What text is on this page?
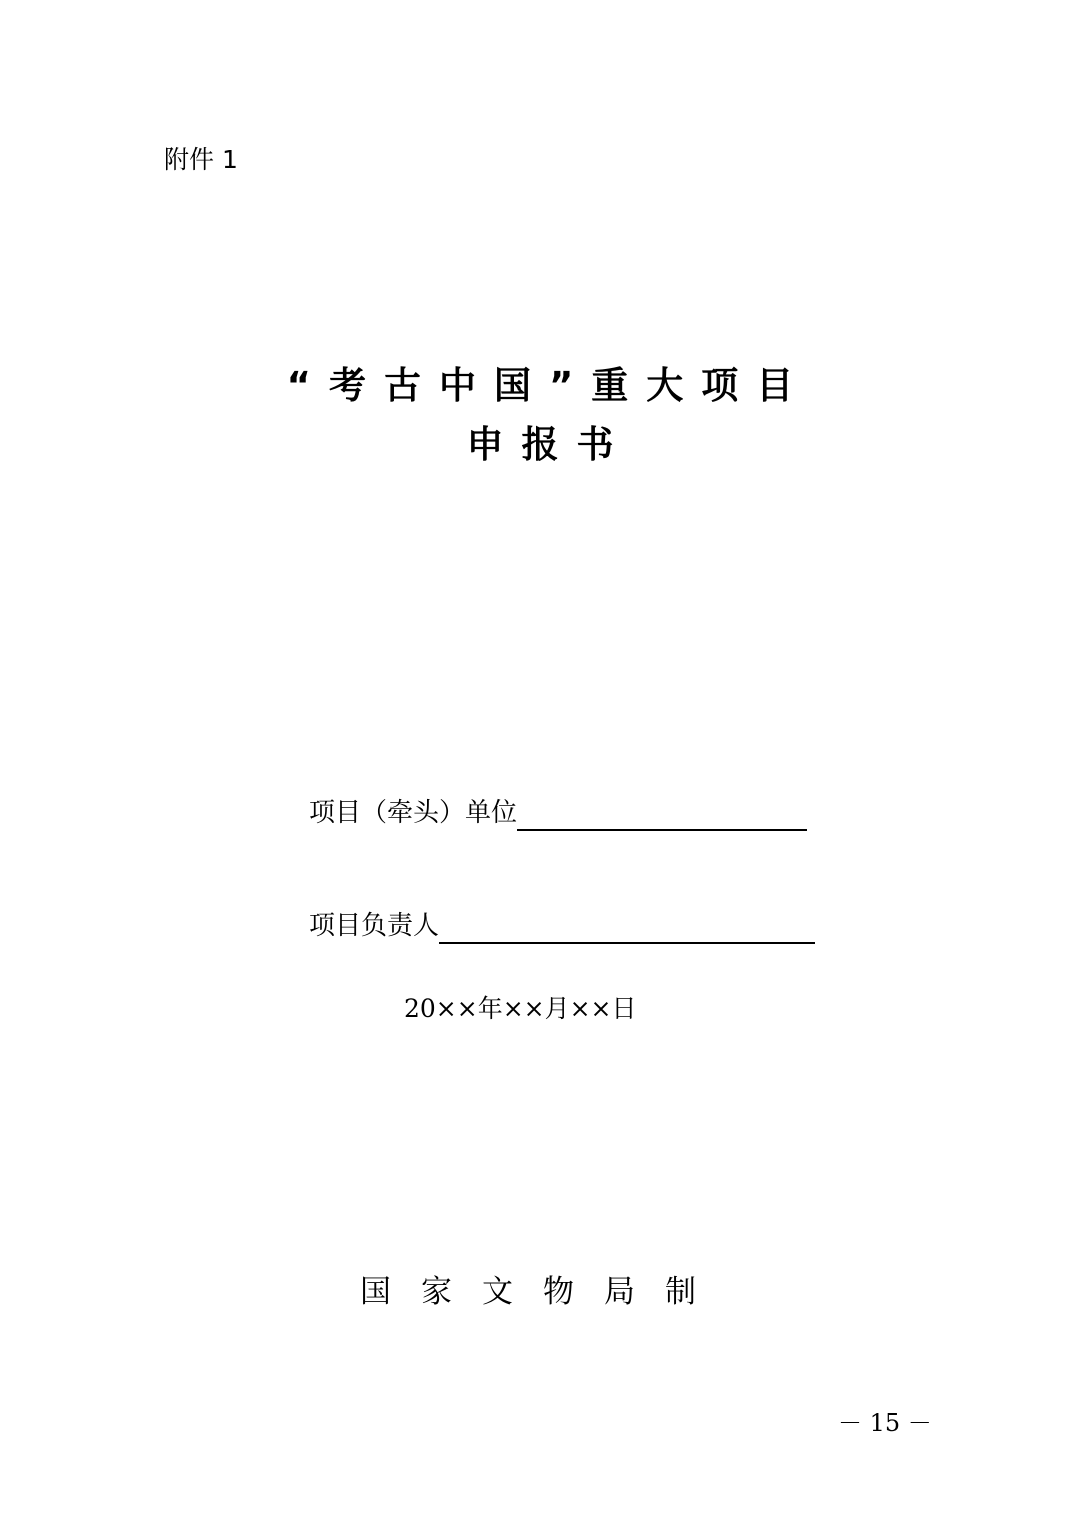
附件 1
“考古中国”重大项目
申报书
项目（牵头）单位
项目负责人
20××年××月××日
国家文物局制
－ 15 －
